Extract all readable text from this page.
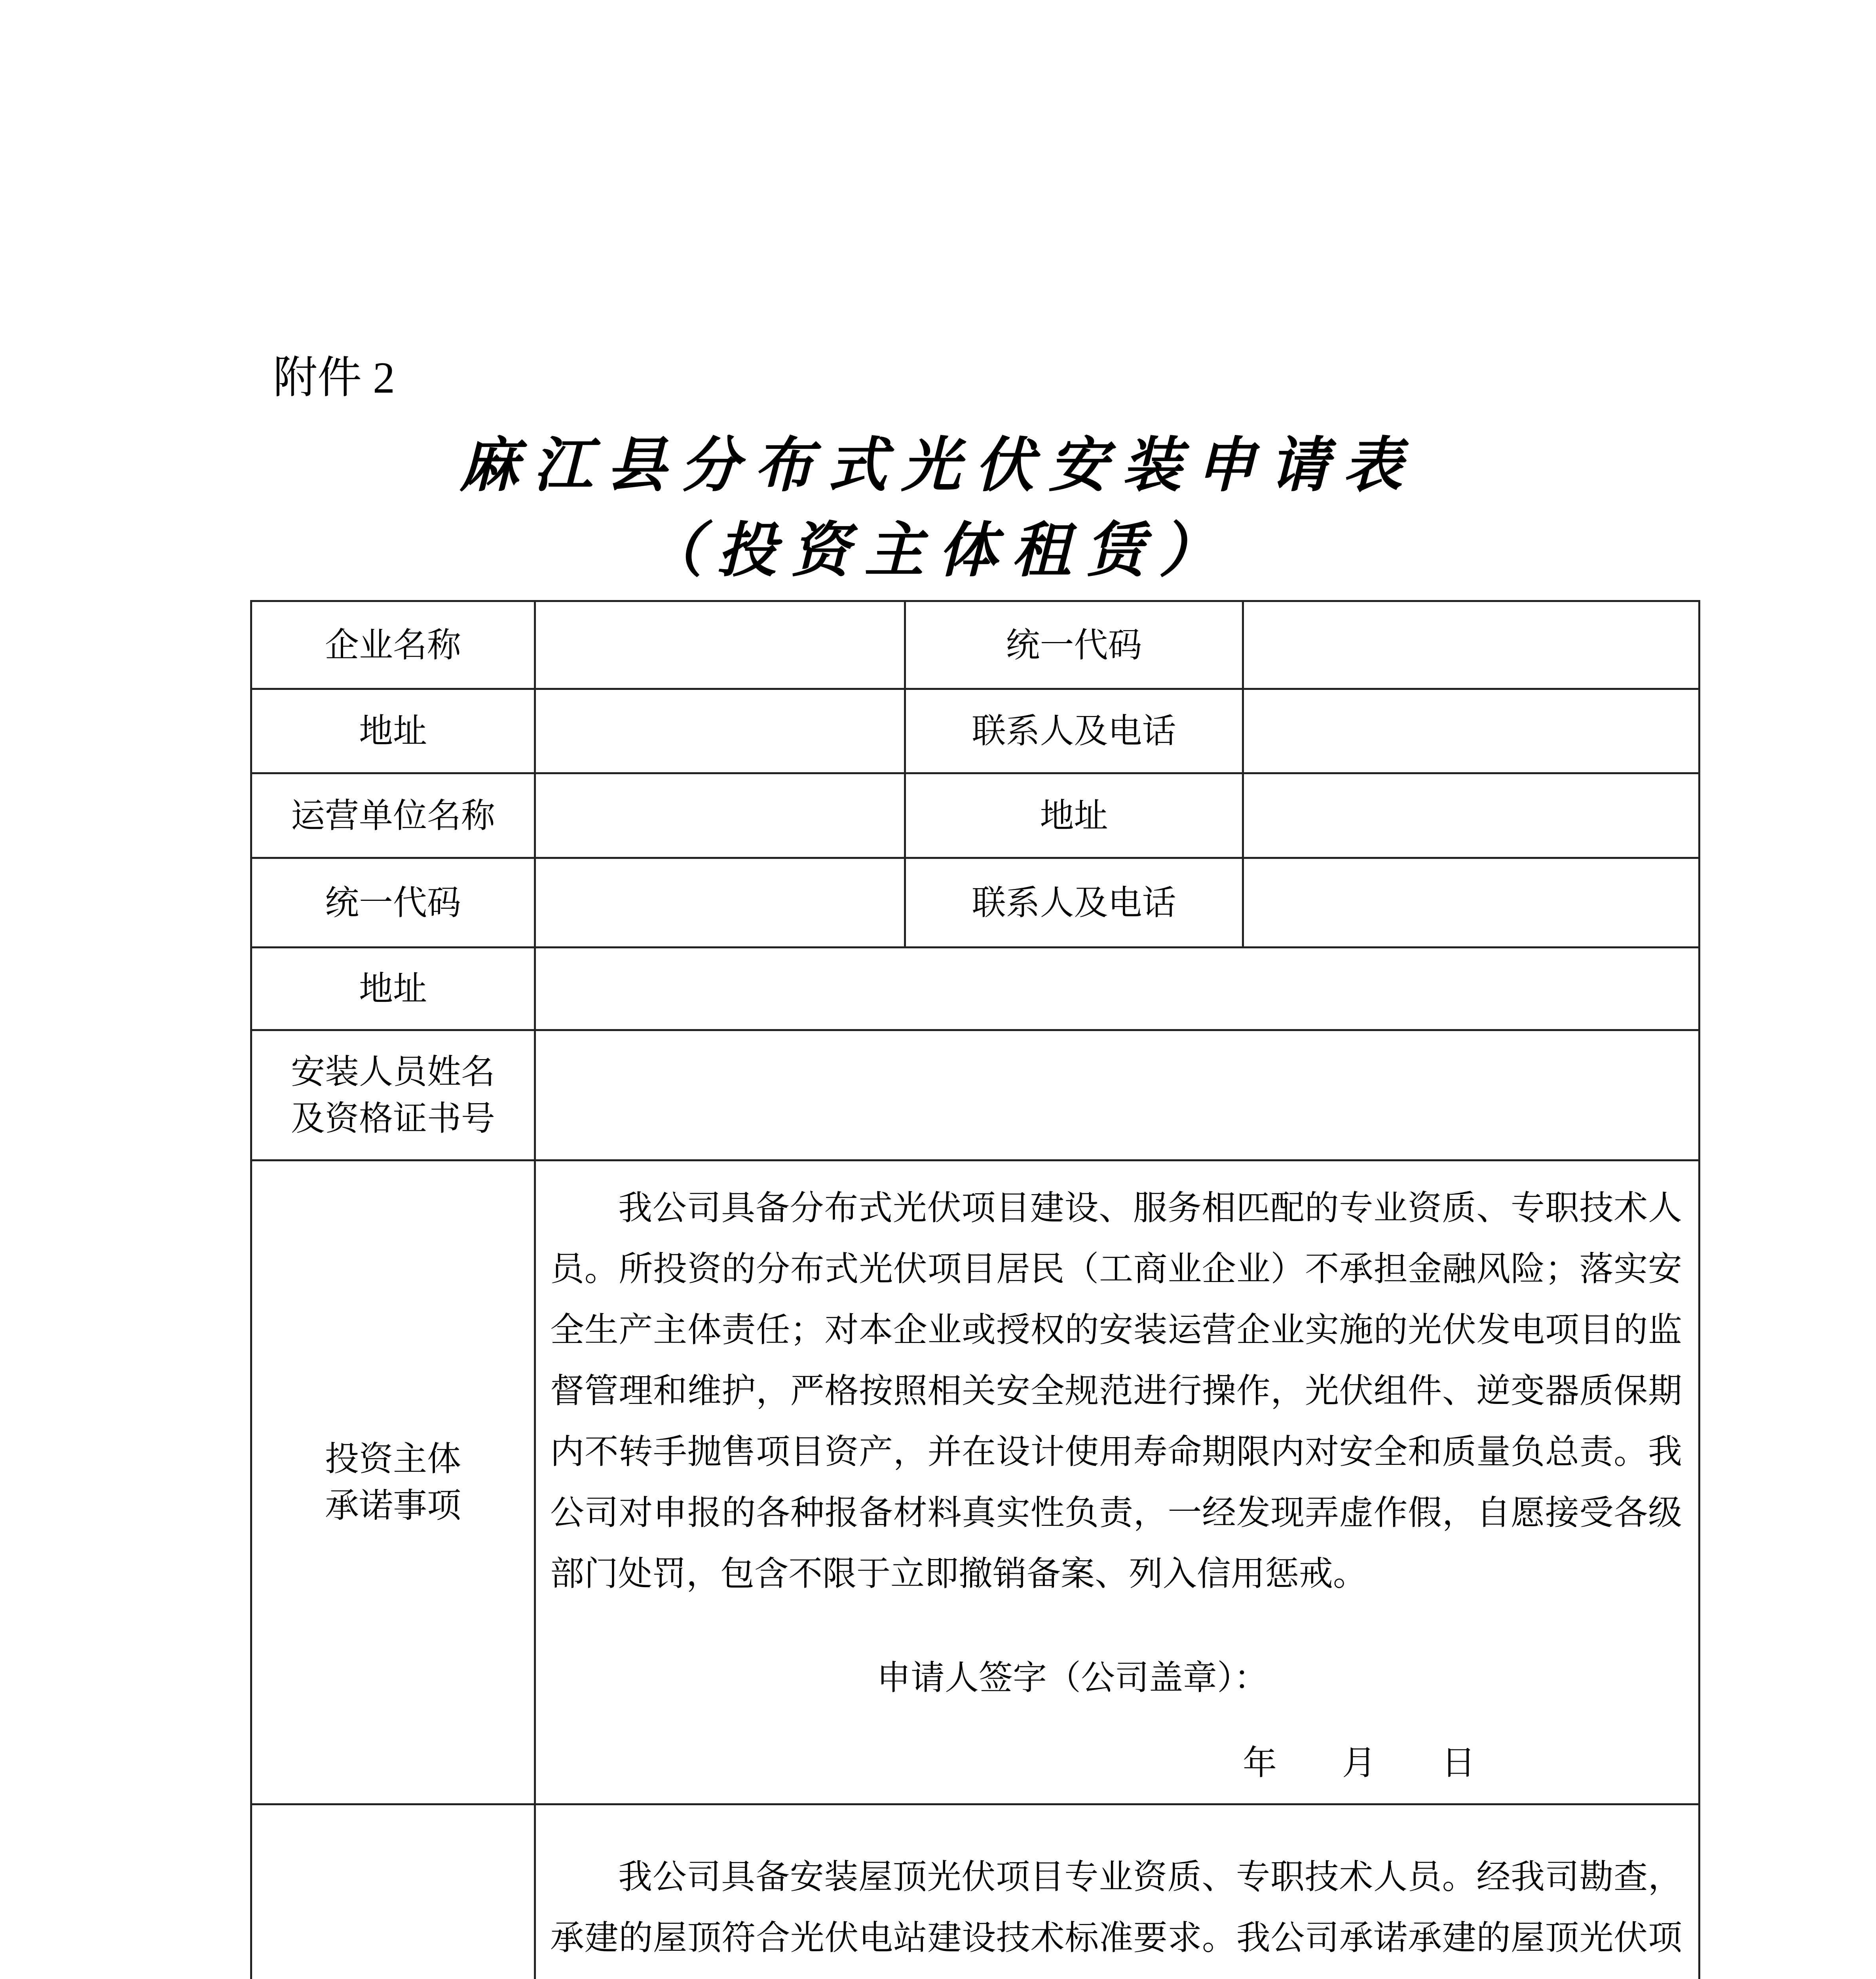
附件 2
麻江县分布式光伏安装申请表
（投资主体租赁）
企业名称	统一代码
地址	联系人及电话
运营单位名称	地址
统一代码	联系人及电话
地址
安装人员姓名
及资格证书号
投资主体
承诺事项
我公司具备分布式光伏项目建设、服务相匹配的专业资质、专职技术人员。所投资的分布式光伏项目居民（工商业企业）不承担金融风险；落实安全生产主体责任；对本企业或授权的安装运营企业实施的光伏发电项目的监督管理和维护，严格按照相关安全规范进行操作，光伏组件、逆变器质保期内不转手抛售项目资产，并在设计使用寿命期限内对安全和质量负总责。我公司对申报的各种报备材料真实性负责，一经发现弄虚作假，自愿接受各级部门处罚，包含不限于立即撤销备案、列入信用惩戒。
申请人签字（公司盖章）：
年 月 日
我公司具备安装屋顶光伏项目专业资质、专职技术人员。经我司勘查，承建的屋顶符合光伏电站建设技术标准要求。我公司承诺承建的屋顶光伏项
